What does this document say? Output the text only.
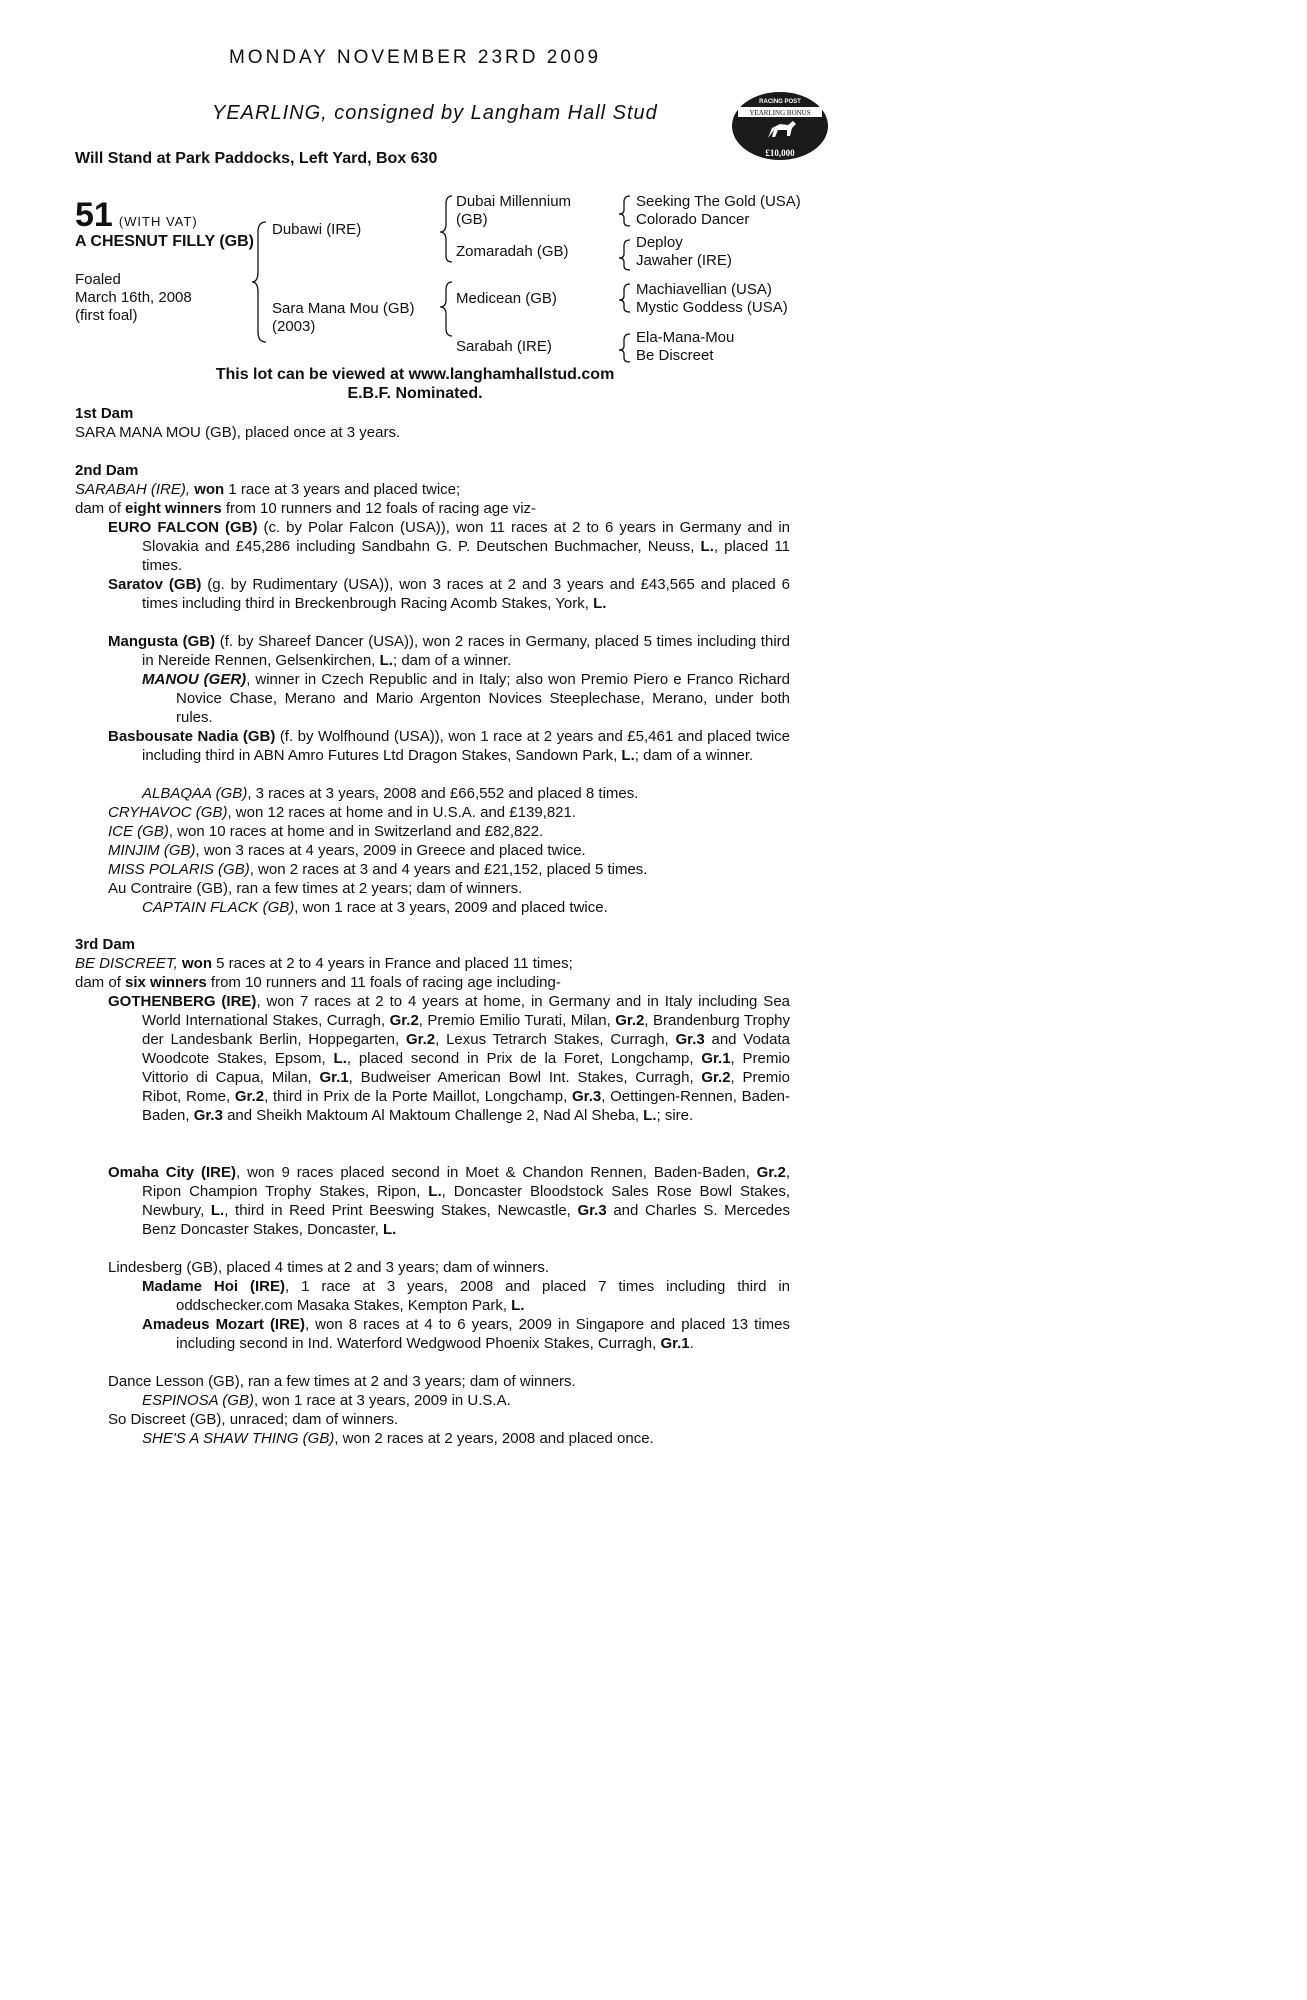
MONDAY NOVEMBER 23RD 2009
YEARLING, consigned by Langham Hall Stud
Will Stand at Park Paddocks, Left Yard, Box 630
RACING POST
YEARLING BONUS
£10,000
51 (WITH VAT)
A CHESNUT FILLY (GB)
Foaled
March 16th, 2008
(first foal)
Dubawi (IRE)
Sara Mana Mou (GB)
(2003)
Dubai Millennium (GB)
Zomaradah (GB)
Medicean (GB)
Sarabah (IRE)
Seeking The Gold (USA)
Colorado Dancer
Deploy
Jawaher (IRE)
Machiavellian (USA)
Mystic Goddess (USA)
Ela-Mana-Mou
Be Discreet
This lot can be viewed at www.langhamhallstud.com
E.B.F. Nominated.
1st Dam
SARA MANA MOU (GB), placed once at 3 years.
2nd Dam
SARABAH (IRE), won 1 race at 3 years and placed twice;
dam of eight winners from 10 runners and 12 foals of racing age viz-
EURO FALCON (GB) (c. by Polar Falcon (USA)), won 11 races at 2 to 6 years in Germany and in Slovakia and £45,286 including Sandbahn G. P. Deutschen Buchmacher, Neuss, L., placed 11 times.
Saratov (GB) (g. by Rudimentary (USA)), won 3 races at 2 and 3 years and £43,565 and placed 6 times including third in Breckenbrough Racing Acomb Stakes, York, L.
Mangusta (GB) (f. by Shareef Dancer (USA)), won 2 races in Germany, placed 5 times including third in Nereide Rennen, Gelsenkirchen, L.; dam of a winner.
MANOU (GER), winner in Czech Republic and in Italy; also won Premio Piero e Franco Richard Novice Chase, Merano and Mario Argenton Novices Steeplechase, Merano, under both rules.
Basbousate Nadia (GB) (f. by Wolfhound (USA)), won 1 race at 2 years and £5,461 and placed twice including third in ABN Amro Futures Ltd Dragon Stakes, Sandown Park, L.; dam of a winner.
ALBAQAA (GB), 3 races at 3 years, 2008 and £66,552 and placed 8 times.
CRYHAVOC (GB), won 12 races at home and in U.S.A. and £139,821.
ICE (GB), won 10 races at home and in Switzerland and £82,822.
MINJIM (GB), won 3 races at 4 years, 2009 in Greece and placed twice.
MISS POLARIS (GB), won 2 races at 3 and 4 years and £21,152, placed 5 times.
Au Contraire (GB), ran a few times at 2 years; dam of winners.
CAPTAIN FLACK (GB), won 1 race at 3 years, 2009 and placed twice.
3rd Dam
BE DISCREET, won 5 races at 2 to 4 years in France and placed 11 times;
dam of six winners from 10 runners and 11 foals of racing age including-
GOTHENBERG (IRE), won 7 races at 2 to 4 years at home, in Germany and in Italy including Sea World International Stakes, Curragh, Gr.2, Premio Emilio Turati, Milan, Gr.2, Brandenburg Trophy der Landesbank Berlin, Hoppegarten, Gr.2, Lexus Tetrarch Stakes, Curragh, Gr.3 and Vodata Woodcote Stakes, Epsom, L., placed second in Prix de la Foret, Longchamp, Gr.1, Premio Vittorio di Capua, Milan, Gr.1, Budweiser American Bowl Int. Stakes, Curragh, Gr.2, Premio Ribot, Rome, Gr.2, third in Prix de la Porte Maillot, Longchamp, Gr.3, Oettingen-Rennen, Baden-Baden, Gr.3 and Sheikh Maktoum Al Maktoum Challenge 2, Nad Al Sheba, L.; sire.
Omaha City (IRE), won 9 races placed second in Moet & Chandon Rennen, Baden-Baden, Gr.2, Ripon Champion Trophy Stakes, Ripon, L., Doncaster Bloodstock Sales Rose Bowl Stakes, Newbury, L., third in Reed Print Beeswing Stakes, Newcastle, Gr.3 and Charles S. Mercedes Benz Doncaster Stakes, Doncaster, L.
Lindesberg (GB), placed 4 times at 2 and 3 years; dam of winners.
Madame Hoi (IRE), 1 race at 3 years, 2008 and placed 7 times including third in oddschecker.com Masaka Stakes, Kempton Park, L.
Amadeus Mozart (IRE), won 8 races at 4 to 6 years, 2009 in Singapore and placed 13 times including second in Ind. Waterford Wedgwood Phoenix Stakes, Curragh, Gr.1.
Dance Lesson (GB), ran a few times at 2 and 3 years; dam of winners.
ESPINOSA (GB), won 1 race at 3 years, 2009 in U.S.A.
So Discreet (GB), unraced; dam of winners.
SHE'S A SHAW THING (GB), won 2 races at 2 years, 2008 and placed once.
